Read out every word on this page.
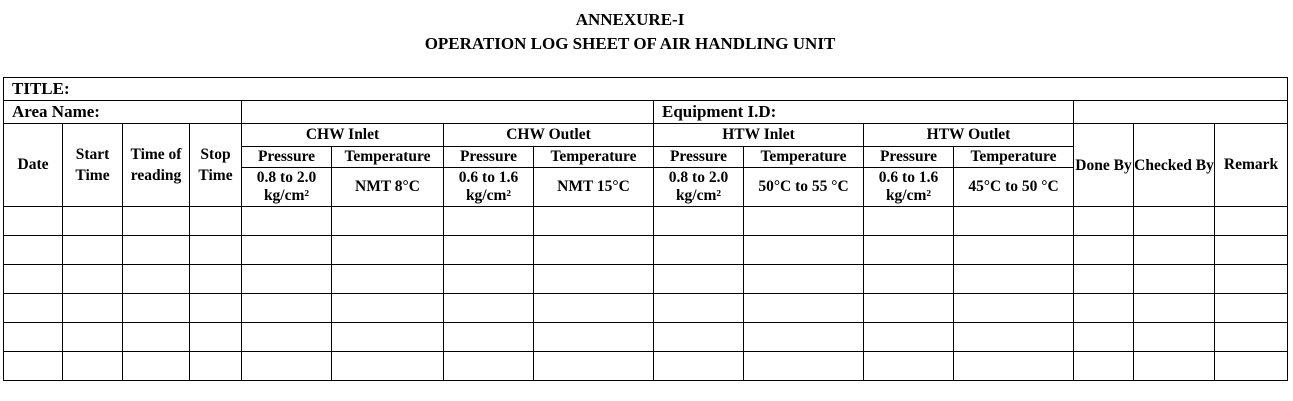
ANNEXURE-I
OPERATION LOG SHEET OF AIR HANDLING UNIT
TITLE:														
Area Name:								Equipment I.D:						
Date	Start Time	Time of reading	Stop Time	CHW Inlet		CHW Outlet		HTW Inlet		HTW Outlet		Done By	Checked By	Remark
				Pressure	Temperature	Pressure	Temperature	Pressure	Temperature	Pressure	Temperature			
				0.8 to 2.0 kg/cm²	NMT 8°C	0.6 to 1.6 kg/cm²	NMT 15°C	0.8 to 2.0 kg/cm²	50°C to 55 °C	0.6 to 1.6 kg/cm²	45°C to 50 °C			
